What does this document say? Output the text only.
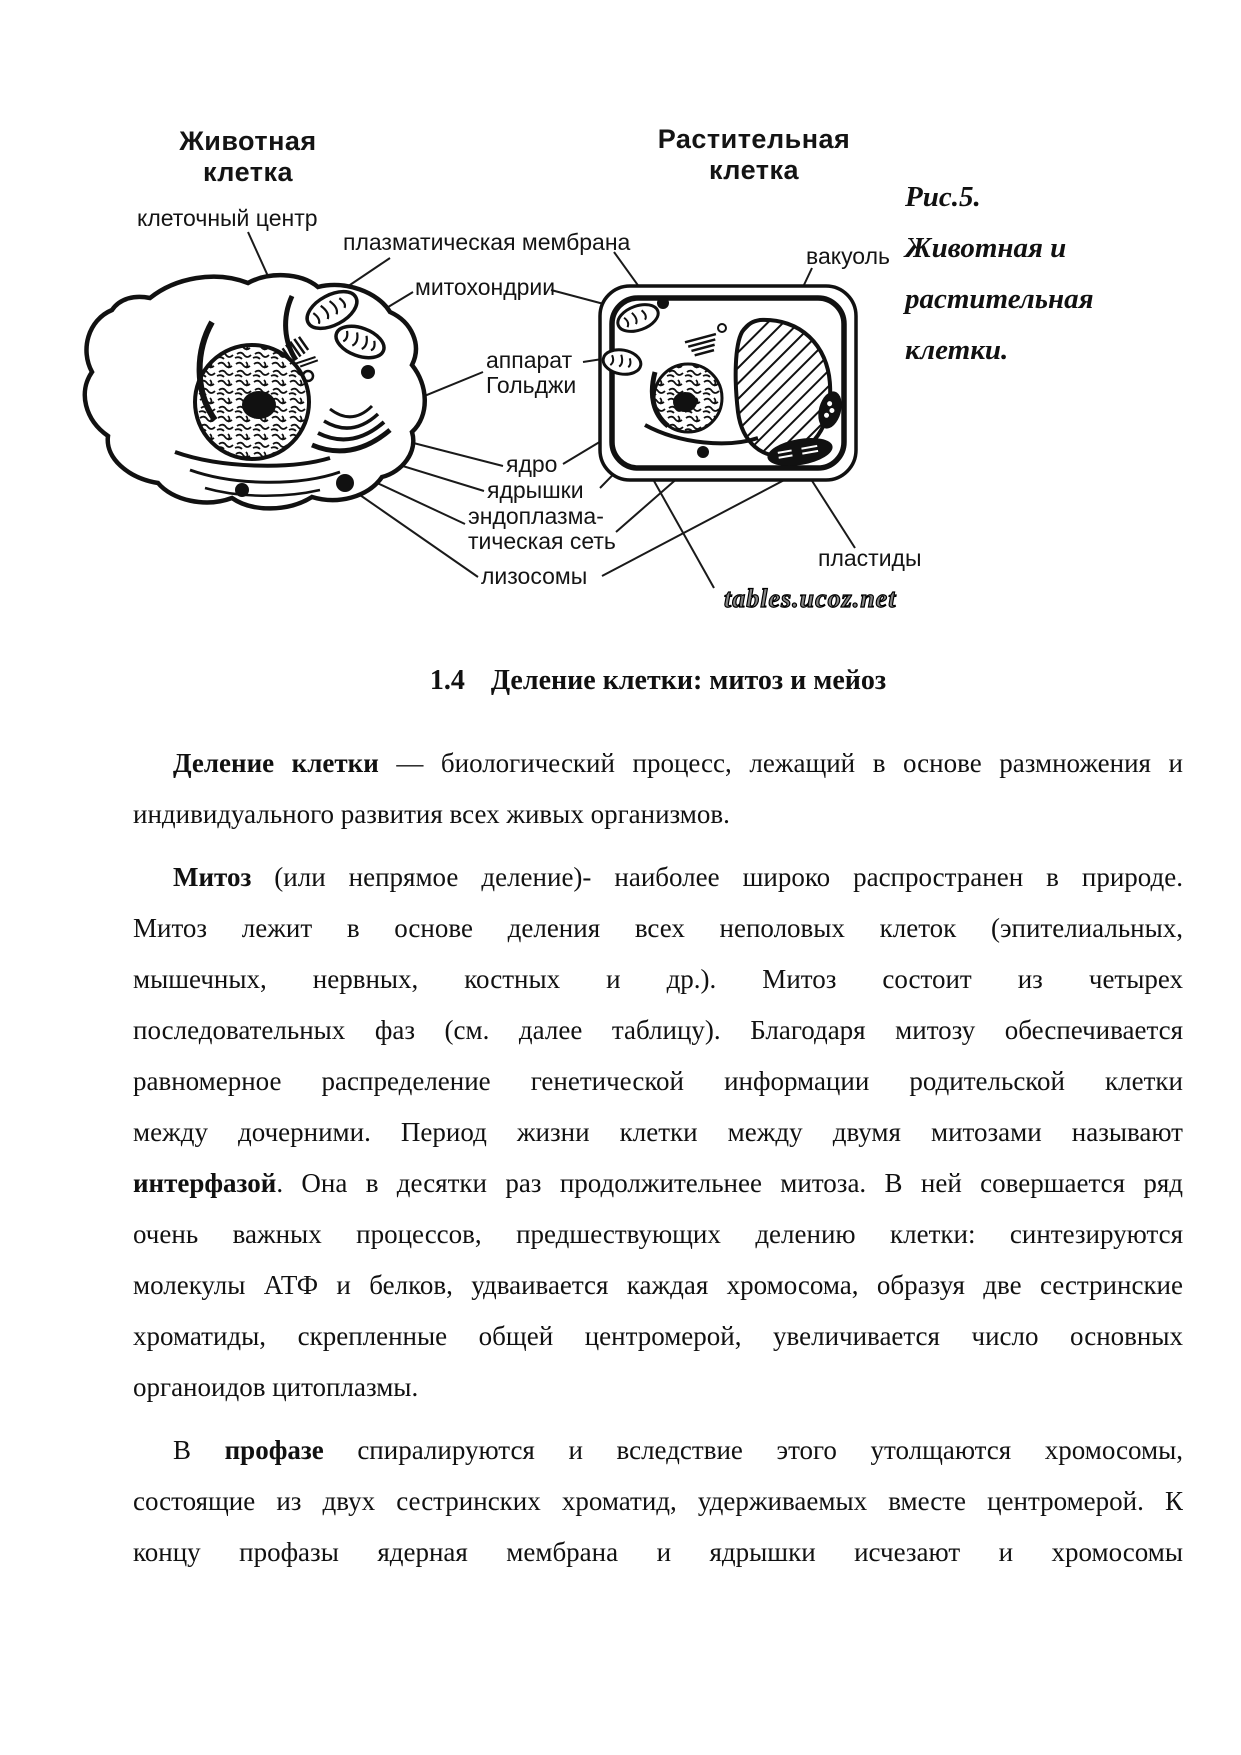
Животная
клетка
Растительная
клетка
клеточный центр
плазматическая мембрана
митохондрии
аппарат
Гольджи
ядро
ядрышки
эндоплазма-
тическая сеть
лизосомы
вакуоль
пластиды
tables.ucoz.net
Рис.5.
Животная и
растительная
клетки.
1.4 Деление клетки: митоз и мейоз
Деление клетки — биологический процесс, лежащий в основе размножения и
индивидуального развития всех живых организмов.
Митоз (или непрямое деление)- наиболее широко распространен в природе.
Митоз лежит в основе деления всех неполовых клеток (эпителиальных,
мышечных, нервных, костных и др.). Митоз состоит из четырех
последовательных фаз (см. далее таблицу). Благодаря митозу обеспечивается
равномерное распределение генетической информации родительской клетки
между дочерними. Период жизни клетки между двумя митозами называют
интерфазой. Она в десятки раз продолжительнее митоза. В ней совершается ряд
очень важных процессов, предшествующих делению клетки: синтезируются
молекулы АТФ и белков, удваивается каждая хромосома, образуя две сестринские
хроматиды, скрепленные общей центромерой, увеличивается число основных
органоидов цитоплазмы.
В профазе спиралируются и вследствие этого утолщаются хромосомы,
состоящие из двух сестринских хроматид, удерживаемых вместе центромерой. К
концу профазы ядерная мембрана и ядрышки исчезают и хромосомы
